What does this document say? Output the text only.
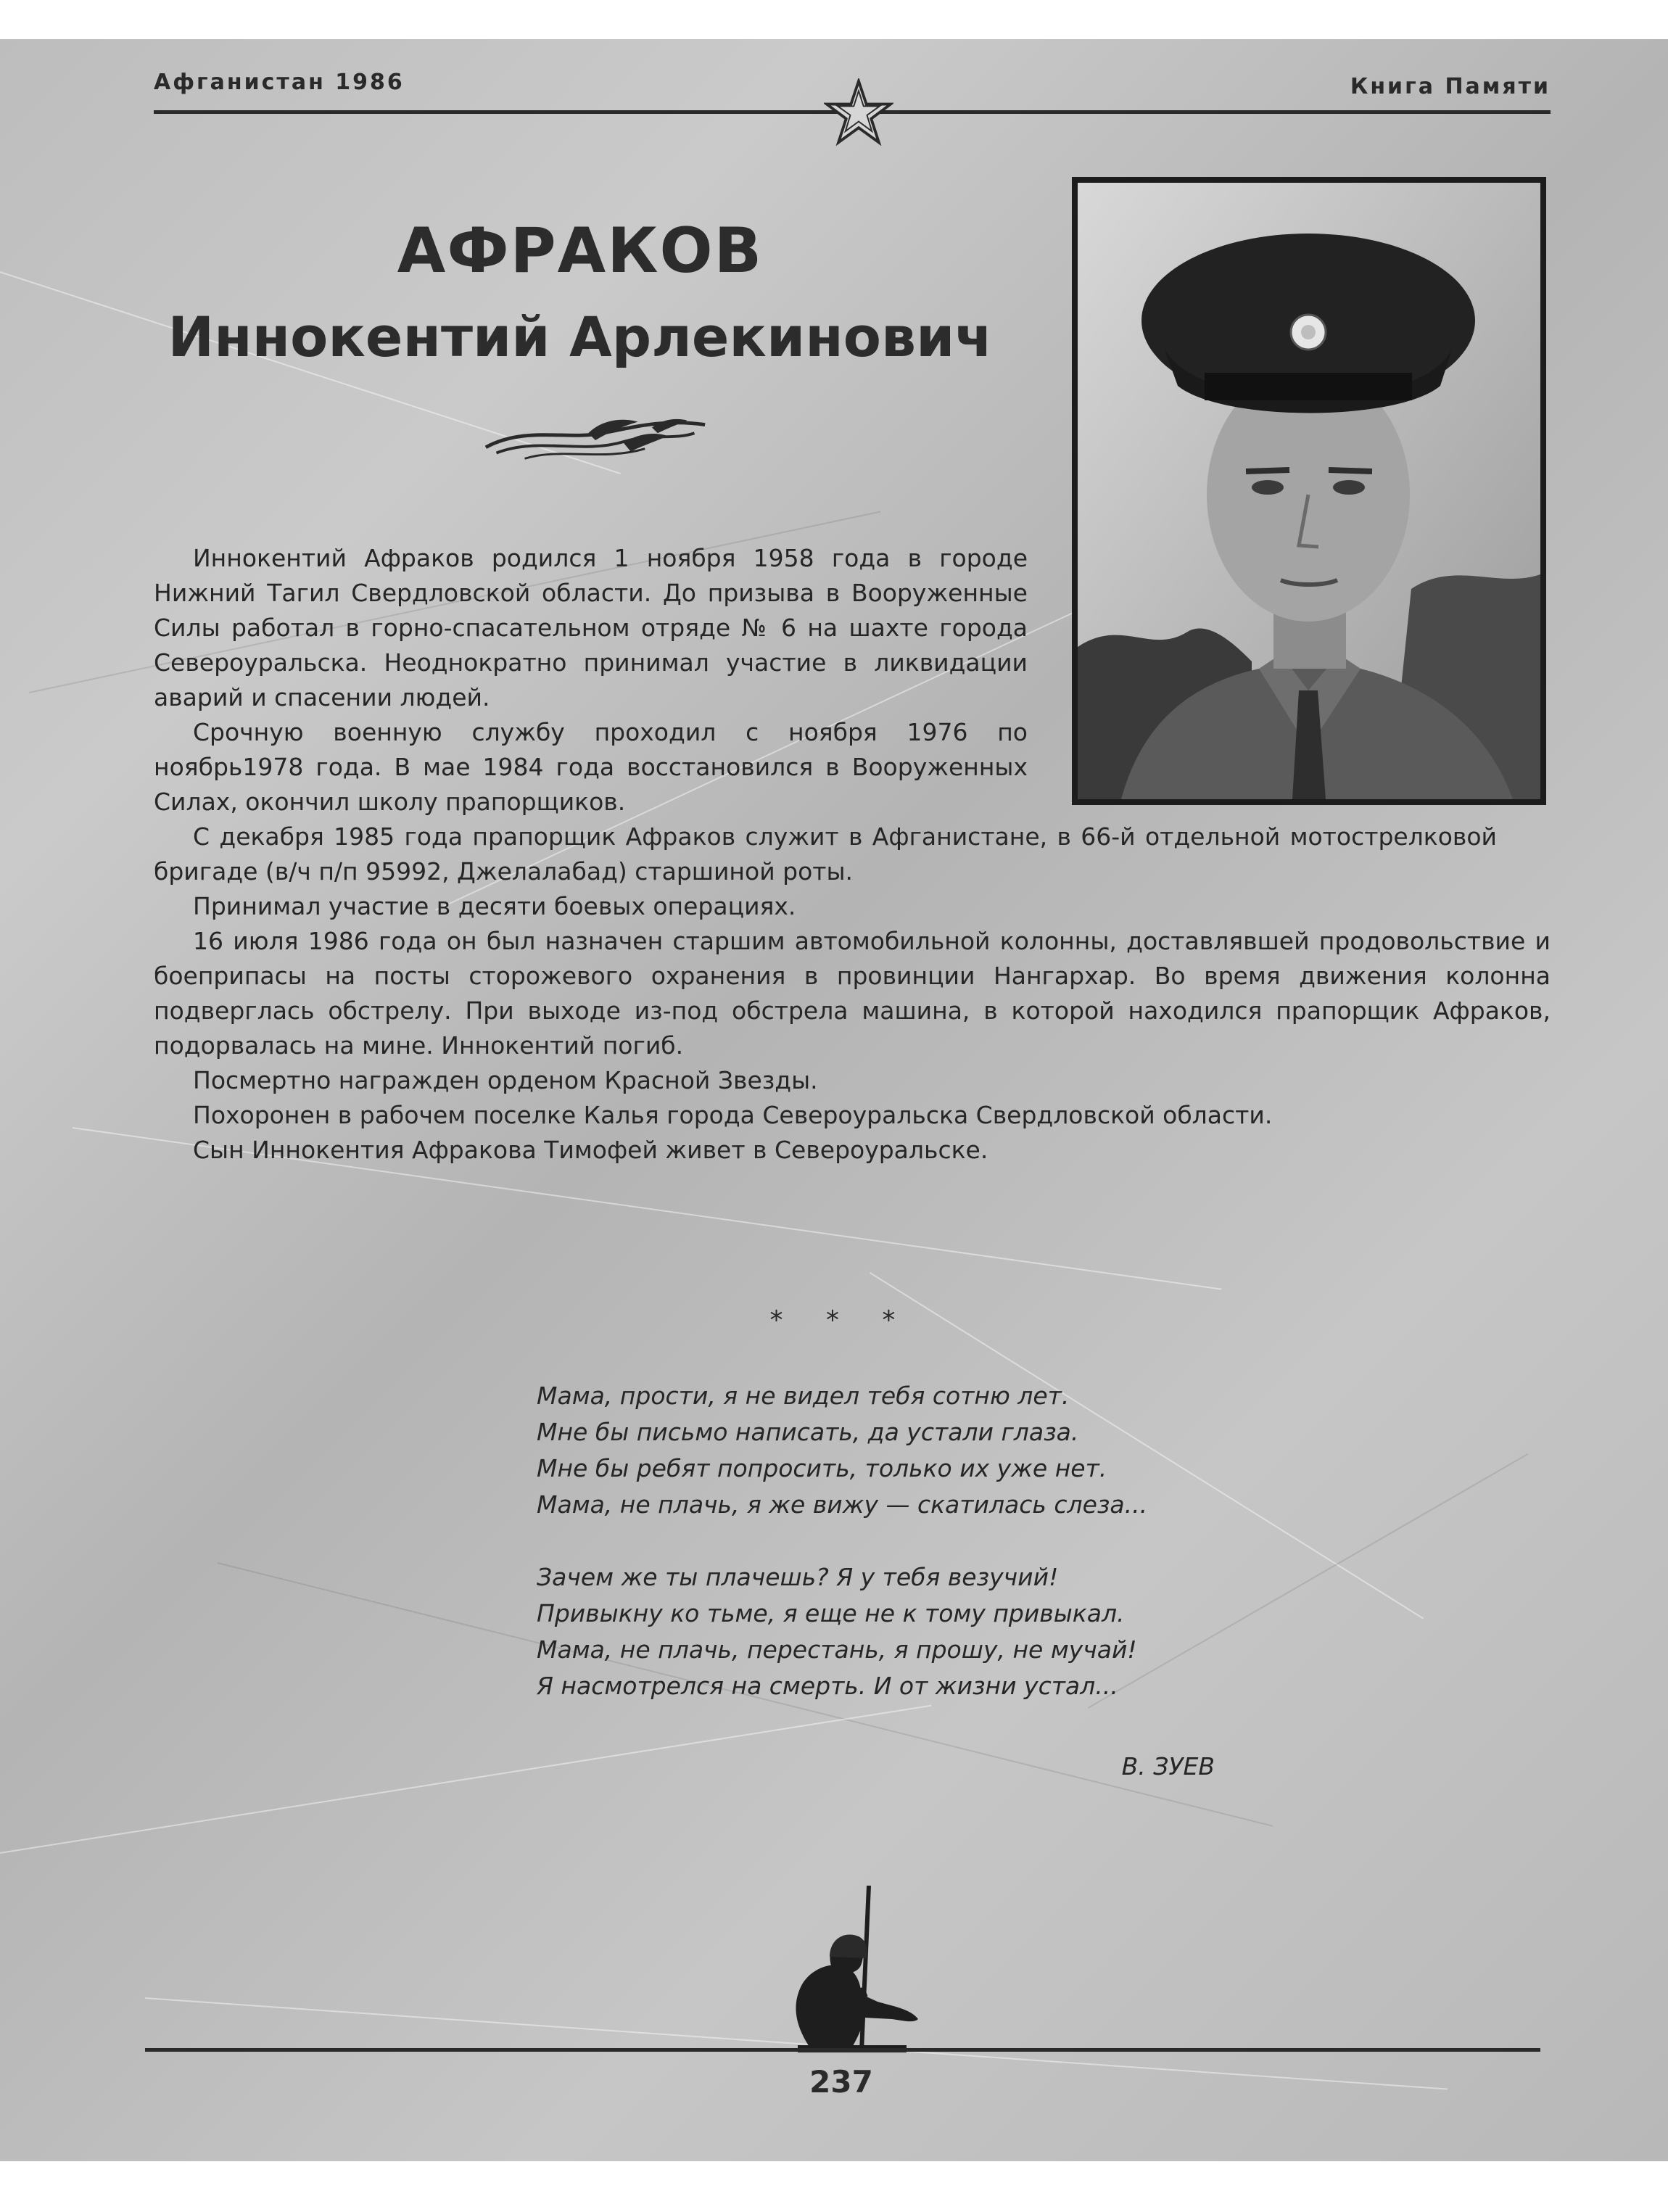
Афганистан 1986	Книга Памяти
АФРАКОВ
Иннокентий Арлекинович

Иннокентий Афраков родился 1 ноября 1958 года в городе Нижний Тагил Свердловской области. До призыва в Вооруженные Силы работал в горно-спасательном отряде № 6 на шахте города Североуральска. Неоднократно принимал участие в ликвидации аварий и спасении людей.

Срочную военную службу проходил с ноября 1976 по ноябрь1978 года. В мае 1984 года восстановился в Вооруженных Силах, окончил школу прапорщиков.

С декабря 1985 года прапорщик Афраков служит в Афганистане, в 66-й отдельной мотострелковой бригаде (в/ч п/п 95992, Джелалабад) старшиной роты.

Принимал участие в десяти боевых операциях.

16 июля 1986 года он был назначен старшим автомобильной колонны, доставлявшей продовольствие и боеприпасы на посты сторожевого охранения в провинции Нангархар. Во время движения колонна подверглась обстрелу. При выходе из-под обстрела машина, в которой находился прапорщик Афраков, подорвалась на мине. Иннокентий погиб.

Посмертно награжден орденом Красной Звезды.

Похоронен в рабочем поселке Калья города Североуральска Свердловской области.

Сын Иннокентия Афракова Тимофей живет в Североуральске.

* * *
Мама, прости, я не видел тебя сотню лет.
Мне бы письмо написать, да устали глаза.
Мне бы ребят попросить, только их уже нет.
Мама, не плачь, я же вижу — скатилась слеза...
Зачем же ты плачешь? Я у тебя везучий!
Привыкну ко тьме, я еще не к тому привыкал.
Мама, не плачь, перестань, я прошу, не мучай!
Я насмотрелся на смерть. И от жизни устал...
В. ЗУЕВ
237
